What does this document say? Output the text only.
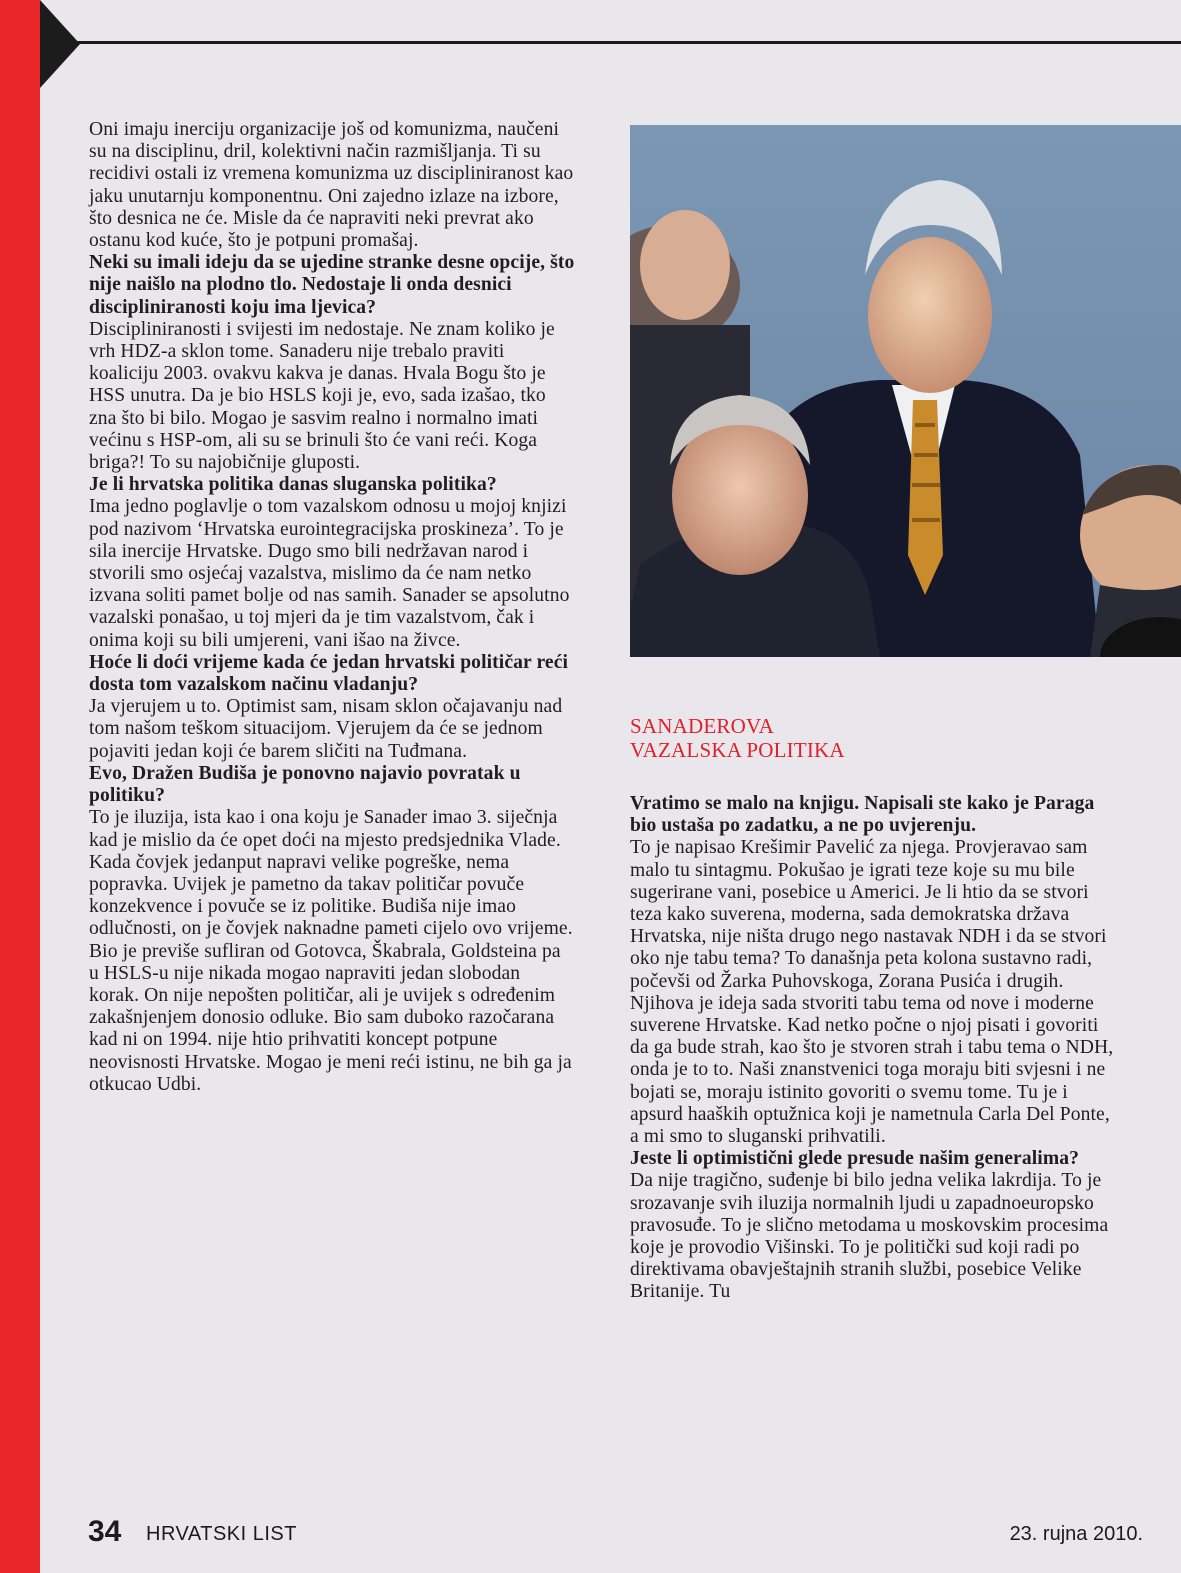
Oni imaju inerciju organizacije još od komunizma, naučeni su na disciplinu, dril, kolektivni način razmišljanja. Ti su recidivi ostali iz vremena komunizma uz discipliniranost kao jaku unutarnju komponentnu. Oni zajedno izlaze na izbore, što desnica ne će. Misle da će napraviti neki prevrat ako ostanu kod kuće, što je potpuni promašaj.

Neki su imali ideju da se ujedine stranke desne opcije, što nije naišlo na plodno tlo. Nedostaje li onda desnici discipliniranosti koju ima ljevica?

Discipliniranosti i svijesti im nedostaje. Ne znam koliko je vrh HDZ-a sklon tome. Sanaderu nije trebalo praviti koaliciju 2003. ovakvu kakva je danas. Hvala Bogu što je HSS unutra. Da je bio HSLS koji je, evo, sada izašao, tko zna što bi bilo. Mogao je sasvim realno i normalno imati većinu s HSP-om, ali su se brinuli što će vani reći. Koga briga?! To su najobičnije gluposti.

Je li hrvatska politika danas sluganska politika?

Ima jedno poglavlje o tom vazalskom odnosu u mojoj knjizi pod nazivom ‘Hrvatska eurointegracijska proskineza’. To je sila inercije Hrvatske. Dugo smo bili nedržavan narod i stvorili smo osjećaj vazalstva, mislimo da će nam netko izvana soliti pamet bolje od nas samih. Sanader se apsolutno vazalski ponašao, u toj mjeri da je tim vazalstvom, čak i onima koji su bili umjereni, vani išao na živce.

Hoće li doći vrijeme kada će jedan hrvatski političar reći dosta tom vazalskom načinu vladanju?

Ja vjerujem u to. Optimist sam, nisam sklon očajavanju nad tom našom teškom situacijom. Vjerujem da će se jednom pojaviti jedan koji će barem sličiti na Tuđmana.

Evo, Dražen Budiša je ponovno najavio povratak u politiku?

To je iluzija, ista kao i ona koju je Sanader imao 3. siječnja kad je mislio da će opet doći na mjesto predsjednika Vlade. Kada čovjek jedanput napravi velike pogreške, nema popravka. Uvijek je pametno da takav političar povuče konzekvence i povuče se iz politike. Budiša nije imao odlučnosti, on je čovjek naknadne pameti cijelo ovo vrijeme. Bio je previše sufliran od Gotovca, Škabrala, Goldsteina pa u HSLS-u nije nikada mogao napraviti jedan slobodan korak. On nije nepošten političar, ali je uvijek s određenim zakašnjenjem donosio odluke. Bio sam duboko razočarana kad ni on 1994. nije htio prihvatiti koncept potpune neovisnosti Hrvatske. Mogao je meni reći istinu, ne bih ga ja otkucao Udbi.

SANADEROVA
VAZALSKA POLITIKA

Vratimo se malo na knjigu. Napisali ste kako je Paraga bio ustaša po zadatku, a ne po uvjerenju.

To je napisao Krešimir Pavelić za njega. Provjeravao sam malo tu sintagmu. Pokušao je igrati teze koje su mu bile sugerirane vani, posebice u Americi. Je li htio da se stvori teza kako suverena, moderna, sada demokratska država Hrvatska, nije ništa drugo nego nastavak NDH i da se stvori oko nje tabu tema? To današnja peta kolona sustavno radi, počevši od Žarka Puhovskoga, Zorana Pusića i drugih. Njihova je ideja sada stvoriti tabu tema od nove i moderne suverene Hrvatske. Kad netko počne o njoj pisati i govoriti da ga bude strah, kao što je stvoren strah i tabu tema o NDH, onda je to to. Naši znanstvenici toga moraju biti svjesni i ne bojati se, moraju istinito govoriti o svemu tome. Tu je i apsurd haaških optužnica koji je nametnula Carla Del Ponte, a mi smo to sluganski prihvatili.

Jeste li optimistični glede presude našim generalima?

Da nije tragično, suđenje bi bilo jedna velika lakrdija. To je srozavanje svih iluzija normalnih ljudi u zapadnoeuropsko pravosuđe. To je slično metodama u moskovskim procesima koje je provodio Višinski. To je politički sud koji radi po direktivama obavještajnih stranih službi, posebice Velike Britanije. Tu

34 HRVATSKI LIST	23. rujna 2010.
